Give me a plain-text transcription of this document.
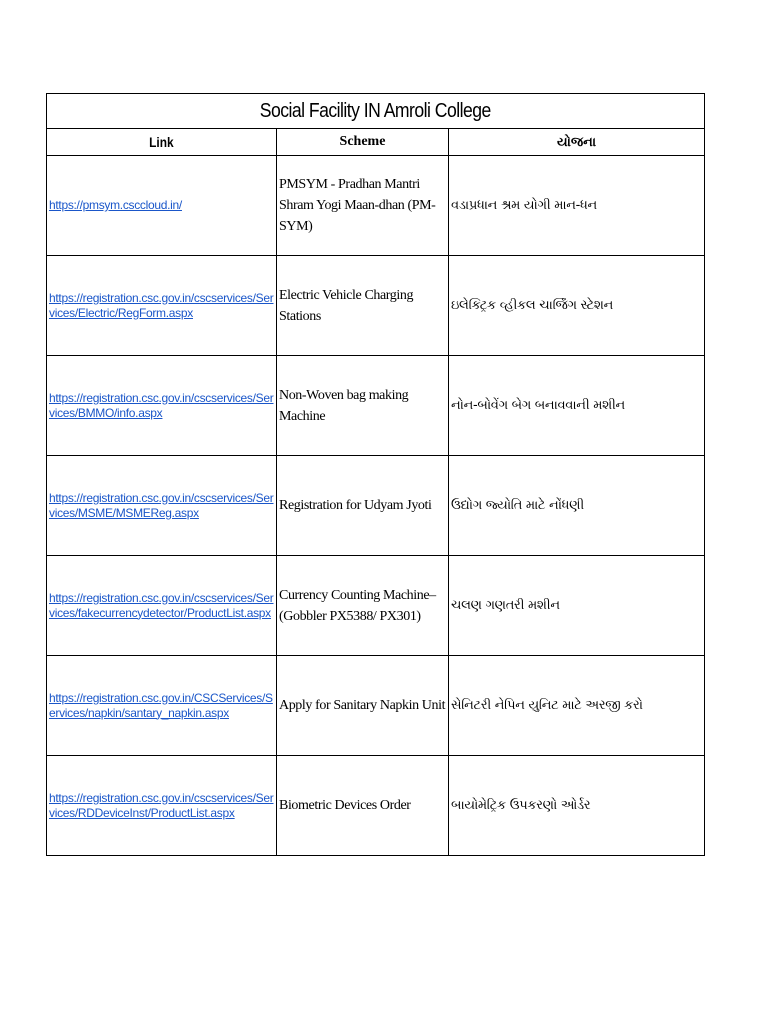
Social Facility IN Amroli College		
Link	Scheme	યોજના
https://pmsym.csccloud.in/	PMSYM - Pradhan Mantri Shram Yogi Maan-dhan (PM- SYM)	વડાપ્રધાન શ્રમ યોગી માન-ધન
https://registration.csc.gov.in/cscservices/Services/Electric/RegForm.aspx	Electric Vehicle Charging Stations	ઇલેક્ટ્રિક વ્હીકલ ચાર્જિંગ સ્ટેશન
https://registration.csc.gov.in/cscservices/Services/BMMO/info.aspx	Non-Woven bag making Machine	નોન-બોવેંગ બેગ બનાવવાની મશીન
https://registration.csc.gov.in/cscservices/Services/MSME/MSMEReg.aspx	Registration for Udyam Jyoti	ઉદ્યોગ જ્યોતિ માટે નોંધણી
https://registration.csc.gov.in/cscservices/Services/fakecurrencydetector/ProductList.aspx	Currency Counting Machine– (Gobbler PX5388/ PX301)	ચલણ ગણતરી મશીન
https://registration.csc.gov.in/CSCServices/Services/napkin/santary_napkin.aspx	Apply for Sanitary Napkin Unit	સેનિટરી નેપિન યુનિટ માટે અરજી કરો
https://registration.csc.gov.in/cscservices/Services/RDDeviceInst/ProductList.aspx	Biometric Devices Order	બાયોમેટ્રિક ઉપકરણો ઓર્ડર
